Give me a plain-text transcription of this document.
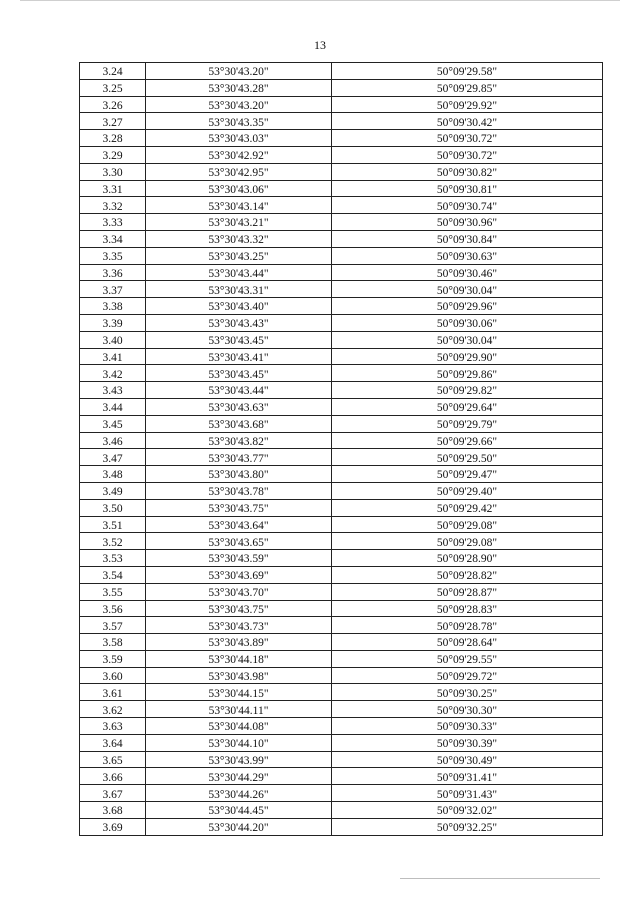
13
3.24	53°30'43.20"	50°09'29.58"
3.25	53°30'43.28"	50°09'29.85"
3.26	53°30'43.20"	50°09'29.92"
3.27	53°30'43.35"	50°09'30.42"
3.28	53°30'43.03"	50°09'30.72"
3.29	53°30'42.92"	50°09'30.72"
3.30	53°30'42.95"	50°09'30.82"
3.31	53°30'43.06"	50°09'30.81"
3.32	53°30'43.14"	50°09'30.74"
3.33	53°30'43.21"	50°09'30.96"
3.34	53°30'43.32"	50°09'30.84"
3.35	53°30'43.25"	50°09'30.63"
3.36	53°30'43.44"	50°09'30.46"
3.37	53°30'43.31"	50°09'30.04"
3.38	53°30'43.40"	50°09'29.96"
3.39	53°30'43.43"	50°09'30.06"
3.40	53°30'43.45"	50°09'30.04"
3.41	53°30'43.41"	50°09'29.90"
3.42	53°30'43.45"	50°09'29.86"
3.43	53°30'43.44"	50°09'29.82"
3.44	53°30'43.63"	50°09'29.64"
3.45	53°30'43.68"	50°09'29.79"
3.46	53°30'43.82"	50°09'29.66"
3.47	53°30'43.77"	50°09'29.50"
3.48	53°30'43.80"	50°09'29.47"
3.49	53°30'43.78"	50°09'29.40"
3.50	53°30'43.75"	50°09'29.42"
3.51	53°30'43.64"	50°09'29.08"
3.52	53°30'43.65"	50°09'29.08"
3.53	53°30'43.59"	50°09'28.90"
3.54	53°30'43.69"	50°09'28.82"
3.55	53°30'43.70"	50°09'28.87"
3.56	53°30'43.75"	50°09'28.83"
3.57	53°30'43.73"	50°09'28.78"
3.58	53°30'43.89"	50°09'28.64"
3.59	53°30'44.18"	50°09'29.55"
3.60	53°30'43.98"	50°09'29.72"
3.61	53°30'44.15"	50°09'30.25"
3.62	53°30'44.11"	50°09'30.30"
3.63	53°30'44.08"	50°09'30.33"
3.64	53°30'44.10"	50°09'30.39"
3.65	53°30'43.99"	50°09'30.49"
3.66	53°30'44.29"	50°09'31.41"
3.67	53°30'44.26"	50°09'31.43"
3.68	53°30'44.45"	50°09'32.02"
3.69	53°30'44.20"	50°09'32.25"
